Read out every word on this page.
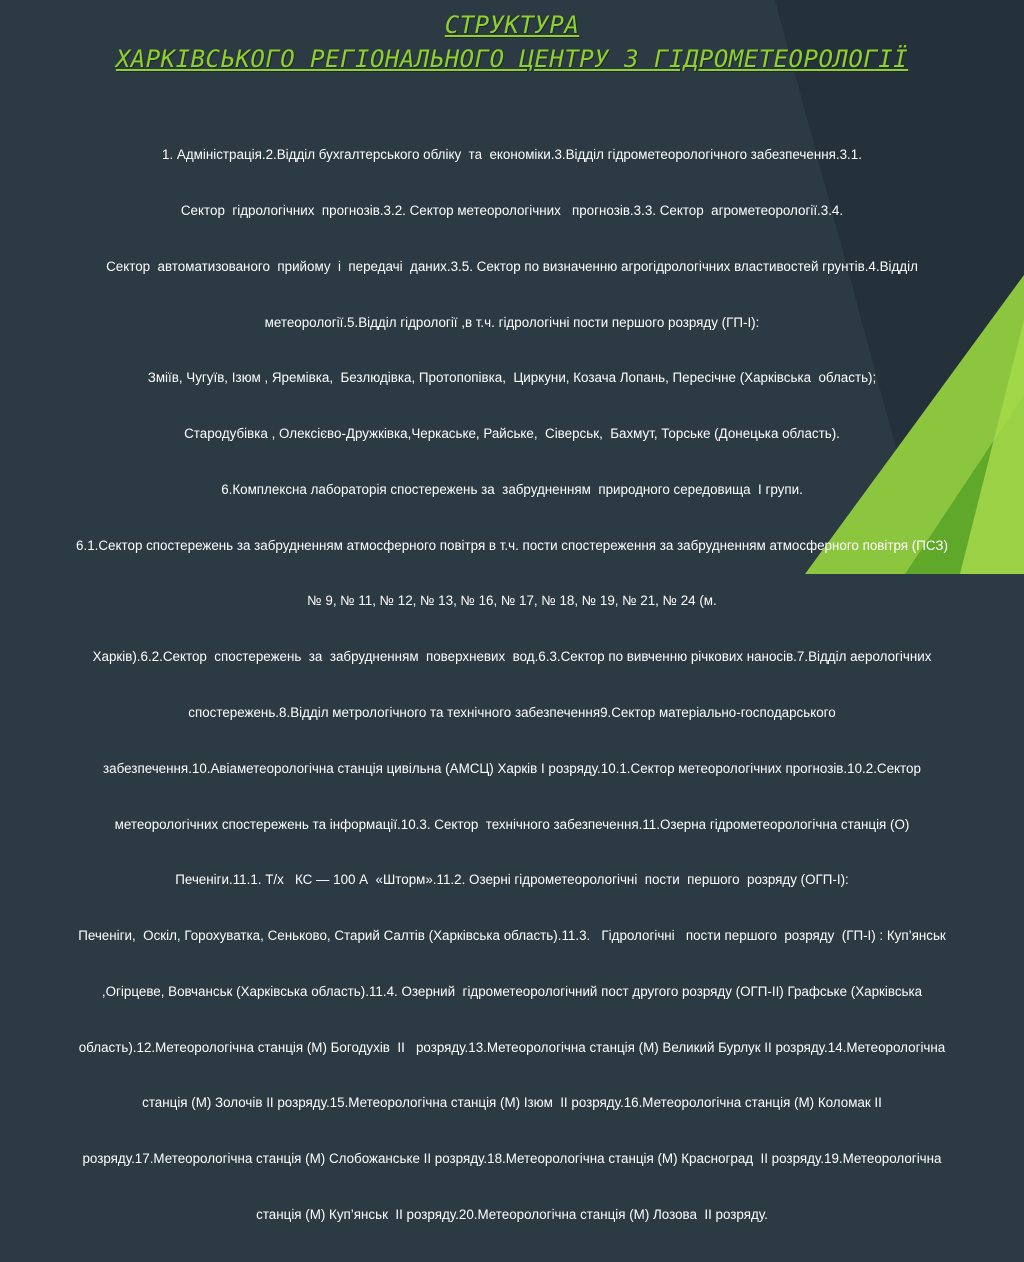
СТРУКТУРА
ХАРКІВСЬКОГО РЕГІОНАЛЬНОГО ЦЕНТРУ З ГІДРОМЕТЕОРОЛОГІЇ

1. Адміністрація.2.Відділ бухгалтерського обліку  та  економіки.3.Відділ гідрометеорологічного забезпечення.3.1.

Сектор  гідрологічних  прогнозів.3.2. Сектор метеорологічних   прогнозів.3.3. Сектор  агрометеорології.3.4.

Сектор  автоматизованого  прийому  і  передачі  даних.3.5. Сектор по визначенню агрогідрологічних властивостей грунтів.4.Відділ

метеорології.5.Відділ гідрології ,в т.ч. гідрологічні пости першого розряду (ГП-І):

Зміїв, Чугуїв, Ізюм , Яремівка,  Безлюдівка, Протопопівка,  Циркуни, Козача Лопань, Пересічне (Харківська  область);

Стародубівка , Олексієво-Дружківка,Черкаське, Райське,  Сіверськ,  Бахмут, Торське (Донецька область).

6.Комплексна лабораторія спостережень за  забрудненням  природного середовища  І групи.

6.1.Сектор спостережень за забрудненням атмосферного повітря в т.ч. пости спостереження за забрудненням атмосферного повітря (ПСЗ)

№ 9, № 11, № 12, № 13, № 16, № 17, № 18, № 19, № 21, № 24 (м.

Харків).6.2.Сектор  спостережень  за  забрудненням  поверхневих  вод.6.3.Сектор по вивченню річкових наносів.7.Відділ аерологічних

спостережень.8.Відділ метрологічного та технічного забезпечення9.Сектор матеріально-господарського

забезпечення.10.Авіаметеорологічна станція цивільна (АМСЦ) Харків І розряду.10.1.Сектор метеорологічних прогнозів.10.2.Сектор

метеорологічних спостережень та інформації.10.3. Сектор  технічного забезпечення.11.Озерна гідрометеорологічна станція (О)

Печеніги.11.1. Т/х   КС — 100 А  «Шторм».11.2. Озерні гідрометеорологічні  пости  першого  розряду (ОГП-І):

Печеніги,  Оскіл, Горохуватка, Сеньково, Старий Салтів (Харківська область).11.3.   Гідрологічні   пости першого  розряду  (ГП-І) : Куп’янськ

,Огірцеве, Вовчанськ (Харківська область).11.4. Озерний  гідрометеорологічний пост другого розряду (ОГП-ІІ) Графське (Харківська

область).12.Метеорологічна станція (М) Богодухів  ІІ   розряду.13.Метеорологічна станція (М) Великий Бурлук ІІ розряду.14.Метеорологічна

станція (М) Золочів ІІ розряду.15.Метеорологічна станція (М) Ізюм  ІІ розряду.16.Метеорологічна станція (М) Коломак ІІ

розряду.17.Метеорологічна станція (М) Слобожанське ІІ розряду.18.Метеорологічна станція (М) Красноград  ІІ розряду.19.Метеорологічна

станція (М) Куп’янськ  ІІ розряду.20.Метеорологічна станція (М) Лозова  ІІ розряду.
